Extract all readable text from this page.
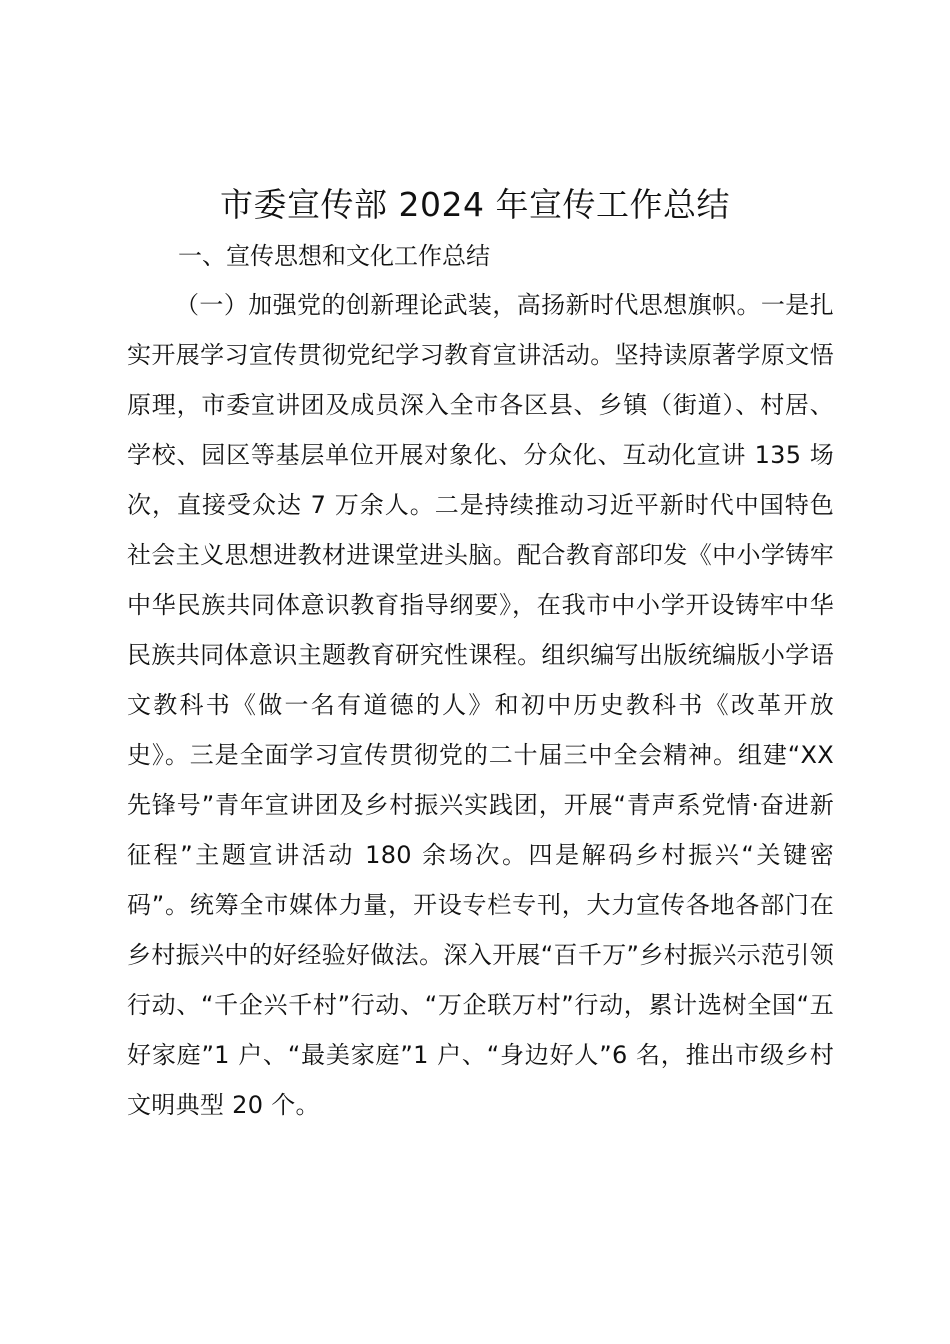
市委宣传部 2024 年宣传工作总结
一、宣传思想和文化工作总结

（一）加强党的创新理论武装，高扬新时代思想旗帜。一是扎实开展学习宣传贯彻党纪学习教育宣讲活动。坚持读原著学原文悟原理，市委宣讲团及成员深入全市各区县、乡镇（街道）、村居、学校、园区等基层单位开展对象化、分众化、互动化宣讲 135 场次，直接受众达 7 万余人。二是持续推动习近平新时代中国特色社会主义思想进教材进课堂进头脑。配合教育部印发《中小学铸牢中华民族共同体意识教育指导纲要》，在我市中小学开设铸牢中华民族共同体意识主题教育研究性课程。组织编写出版统编版小学语文教科书《做一名有道德的人》和初中历史教科书《改革开放史》。三是全面学习宣传贯彻党的二十届三中全会精神。组建“XX 先锋号”青年宣讲团及乡村振兴实践团，开展“青声系党情·奋进新征程”主题宣讲活动 180 余场次。四是解码乡村振兴“关键密码”。统筹全市媒体力量，开设专栏专刊，大力宣传各地各部门在乡村振兴中的好经验好做法。深入开展“百千万”乡村振兴示范引领行动、“千企兴千村”行动、“万企联万村”行动，累计选树全国“五好家庭”1 户、“最美家庭”1 户、“身边好人”6 名，推出市级乡村文明典型 20 个。
